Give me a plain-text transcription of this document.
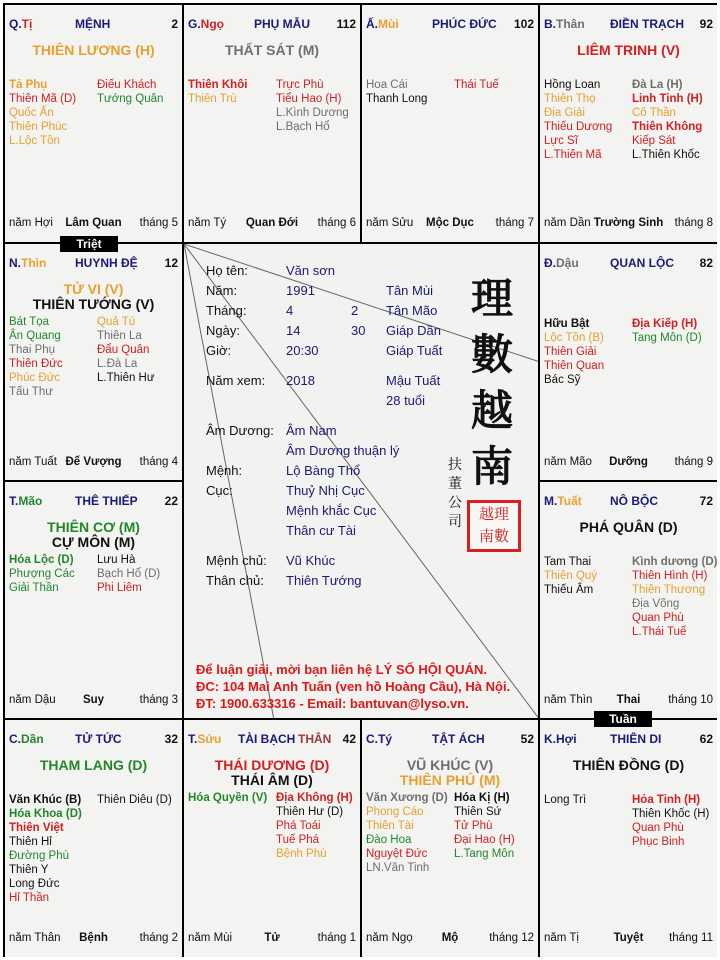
Họ tên:	Văn sơn
Năm:	1991	Tân Mùi
Tháng:	4	2 Tân Mão
Ngày:	14	30 Giáp Dần
Giờ:	20:30	Giáp Tuất
Năm xem: 2018	Mậu Tuất
28 tuổi
Âm Dương: Âm Nam
Âm Dương thuận lý
Mệnh:	Lộ Bàng Thổ
Cục:	Thuỷ Nhị Cục
Mệnh khắc Cục
Thân cư Tài
Mệnh chủ: Vũ Khúc
Thân chủ: Thiên Tướng
Để luận giải, mời bạn liên hệ LÝ SỐ HỘI QUÁN.
ĐC: 104 Mai Anh Tuấn (ven hồ Hoàng Cầu), Hà Nội.
ĐT: 1900.633316 - Email: bantuvan@lyso.vn.
理
數
越
南
扶
董
公
司	越理
南數
Q.Tị	MỆNH	2
THIÊN LƯƠNG (H)
Tả Phụ
Thiên Mã (D)
Quốc Ấn
Thiên Phúc
L.Lộc Tồn
Điếu Khách
Tướng Quân
Lâm Quan
năm Hợi	tháng 5
G.Ngọ	PHỤ MẪU 112
THẤT SÁT (M)
Thiên Khôi
Thiên Trù
Trực Phù
Tiểu Hao (H)
L.Kình Dương
L.Bạch Hổ
Quan Đới
năm Tý	tháng 6
Ấ.Mùi	PHÚC ĐỨC 102
Hoa Cái
Thanh Long
Thái Tuế
Mộc Dục
năm Sửu	tháng 7
B.Thân ĐIỀN TRẠCH 92
LIÊM TRINH (V)
Hồng Loan
Thiên Thọ
Địa Giải
Thiếu Dương
Lực Sĩ
L.Thiên Mã
Đà La (H)
Linh Tinh (H)
Cô Thần
Thiên Không
Kiếp Sát
L.Thiên Khốc
Trường Sinh
năm Dần	tháng 8
N.Thìn HUYNH ĐỆ 12
TỬ VI (V)
THIÊN TƯỚNG (V)
Bát Tọa
Ân Quang
Thai Phụ
Thiên Đức
Phúc Đức
Tấu Thư
Quả Tú
Thiên La
Đẩu Quân
L.Đà La
L.Thiên Hư
Đế Vượng
năm Tuất	tháng 4
Đ.Dậu	QUAN LỘC 82
Hữu Bật
Lộc Tồn (B)
Thiên Giải
Thiên Quan
Bác Sỹ
Địa Kiếp (H)
Tang Môn (D)
Dưỡng
năm Mão	tháng 9
T.Mão	THÊ THIẾP 22
THIÊN CƠ (M)
CỰ MÔN (M)
Hóa Lộc (D)
Phượng Các
Giải Thần
Lưu Hà
Bạch Hổ (D)
Phi Liêm
Suy
năm Dậu	tháng 3
M.Tuất NÔ BỘC	72
PHÁ QUÂN (D)
Tam Thai
Thiên Quý
Thiếu Âm
Kình dương (D)
Thiên Hình (H)
Thiên Thương
Địa Võng
Quan Phù
L.Thái Tuế
Thai
năm Thìn	tháng 10
C.Dần	TỬ TỨC	32
THAM LANG (D)
Văn Khúc (B)
Hóa Khoa (D)
Thiên Việt
Thiên Hỉ
Đường Phù
Thiên Y
Long Đức
Hỉ Thần
Thiên Diêu (D)
Bệnh
năm Thân	tháng 2
T.Sửu TÀI BẠCH THÂN 42
THÁI DƯƠNG (D)
THÁI ÂM (D)
Hóa Quyền (V) Địa Không (H)
Thiên Hư (D)
Phá Toái
Tuế Phá
Bệnh Phù
Tử
năm Mùi	tháng 1
C.Tý	TẬT ÁCH	52
VŨ KHÚC (V)
THIÊN PHỦ (M)
Văn Xương (D)
Phong Cáo
Thiên Tài
Đào Hoa
Nguyệt Đức
LN.Văn Tinh
Hóa Kị (H)
Thiên Sứ
Tử Phù
Đại Hao (H)
L.Tang Môn
Mộ
năm Ngọ	tháng 12
K.Hợi	THIÊN DI	62
THIÊN ĐỒNG (D)
Long Trì	Hỏa Tinh (H)
Thiên Khốc (H)
Quan Phù
Phục Binh
Tuyệt
năm Tị	tháng 11
Triệt
Tuần
